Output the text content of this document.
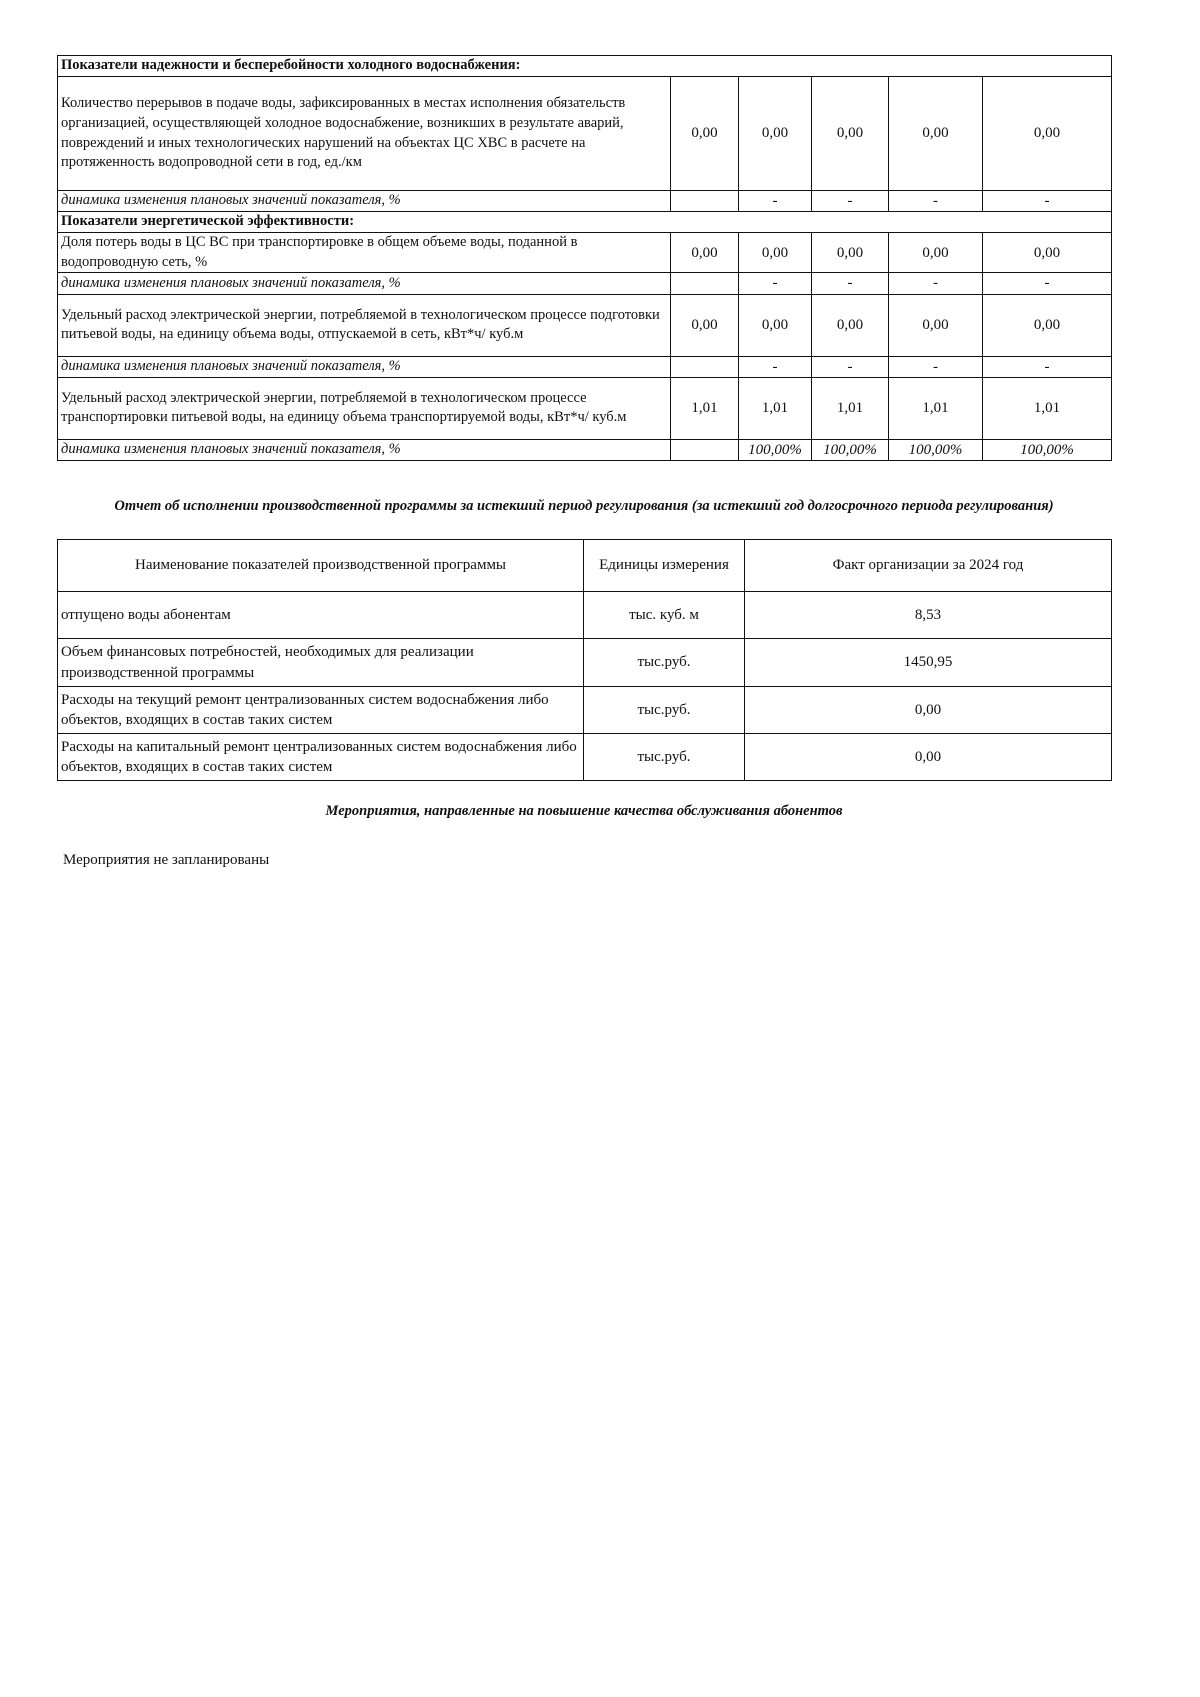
Показатели надежности и бесперебойности холодного водоснабжения:					
Количество перерывов в подаче воды, зафиксированных в местах исполнения обязательств организацией, осуществляющей холодное водоснабжение, возникших в результате аварий, повреждений и иных технологических нарушений на объектах ЦС ХВС в расчете на протяженность водопроводной сети в год, ед./км	0,00	0,00	0,00	0,00	0,00
динамика изменения плановых значений показателя, %		-	-	-	-
Показатели энергетической эффективности:					
Доля потерь воды в ЦС ВС при транспортировке в общем объеме воды, поданной в водопроводную сеть, %	0,00	0,00	0,00	0,00	0,00
динамика изменения плановых значений показателя, %		-	-	-	-
Удельный расход электрической энергии, потребляемой в технологическом процессе подготовки питьевой воды, на единицу объема воды, отпускаемой в сеть, кВт*ч/ куб.м	0,00	0,00	0,00	0,00	0,00
динамика изменения плановых значений показателя, %		-	-	-	-
Удельный расход электрической энергии, потребляемой в технологическом процессе транспортировки питьевой воды, на единицу объема транспортируемой воды, кВт*ч/ куб.м	1,01	1,01	1,01	1,01	1,01
динамика изменения плановых значений показателя, %		100,00%	100,00%	100,00%	100,00%
Отчет об исполнении производственной программы за истекший период регулирования (за истекший год долгосрочного периода регулирования)
Наименование показателей производственной программы	Единицы измерения	Факт организации за 2024 год
отпущено воды абонентам	тыс. куб. м	8,53
Объем финансовых потребностей, необходимых для реализации производственной программы	тыс.руб.	1450,95
Расходы на текущий ремонт централизованных систем водоснабжения либо объектов, входящих в состав таких систем	тыс.руб.	0,00
Расходы на капитальный ремонт централизованных систем водоснабжения либо объектов, входящих в состав таких систем	тыс.руб.	0,00
Мероприятия, направленные на повышение качества обслуживания абонентов
Мероприятия не запланированы
